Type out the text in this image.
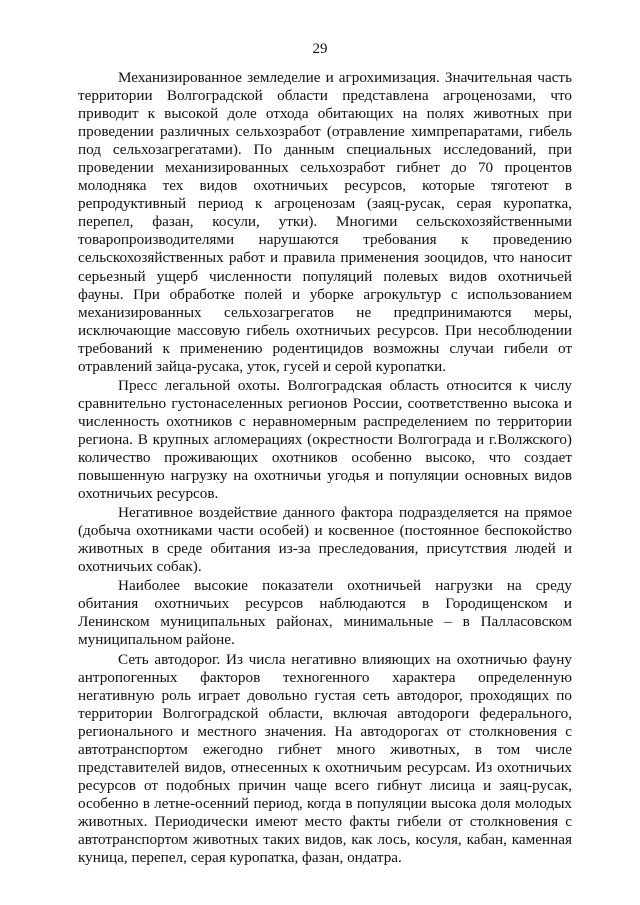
29

Механизированное земледелие и агрохимизация. Значительная часть территории Волгоградской области представлена агроценозами, что приводит к высокой доле отхода обитающих на полях животных при проведении различных сельхозработ (отравление химпрепаратами, гибель под сельхозагрегатами). По данным специальных исследований, при проведении механизированных сельхозработ гибнет до 70 процентов молодняка тех видов охотничьих ресурсов, которые тяготеют в репродуктивный период к агроценозам (заяц-русак, серая куропатка, перепел, фазан, косули, утки). Многими сельскохозяйственными товаропроизводителями нарушаются требования к проведению сельскохозяйственных работ и правила применения зооцидов, что наносит серьезный ущерб численности популяций полевых видов охотничьей фауны. При обработке полей и уборке агрокультур с использованием механизированных сельхозагрегатов не предпринимаются меры, исключающие массовую гибель охотничьих ресурсов. При несоблюдении требований к применению родентицидов возможны случаи гибели от отравлений зайца-русака, уток, гусей и серой куропатки.

Пресс легальной охоты. Волгоградская область относится к числу сравнительно густонаселенных регионов России, соответственно высока и численность охотников с неравномерным распределением по территории региона. В крупных агломерациях (окрестности Волгограда и г.Волжского) количество проживающих охотников особенно высоко, что создает повышенную нагрузку на охотничьи угодья и популяции основных видов охотничьих ресурсов.

Негативное воздействие данного фактора подразделяется на прямое (добыча охотниками части особей) и косвенное (постоянное беспокойство животных в среде обитания из-за преследования, присутствия людей и охотничьих собак).

Наиболее высокие показатели охотничьей нагрузки на среду обитания охотничьих ресурсов наблюдаются в Городищенском и Ленинском муниципальных районах, минимальные – в Палласовском муниципальном районе.

Сеть автодорог. Из числа негативно влияющих на охотничью фауну антропогенных факторов техногенного характера определенную негативную роль играет довольно густая сеть автодорог, проходящих по территории Волгоградской области, включая автодороги федерального, регионального и местного значения. На автодорогах от столкновения с автотранспортом ежегодно гибнет много животных, в том числе представителей видов, отнесенных к охотничьим ресурсам. Из охотничьих ресурсов от подобных причин чаще всего гибнут лисица и заяц-русак, особенно в летне-осенний период, когда в популяции высока доля молодых животных. Периодически имеют место факты гибели от столкновения с автотранспортом животных таких видов, как лось, косуля, кабан, каменная куница, перепел, серая куропатка, фазан, ондатра.
